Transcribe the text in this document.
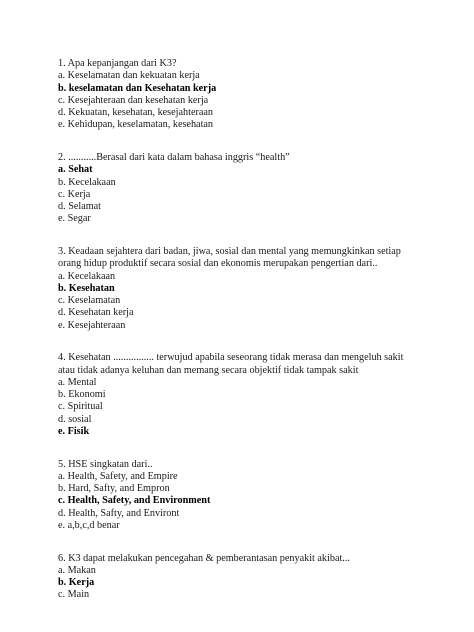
1. Apa kepanjangan dari K3?

a. Keselamatan dan kekuatan kerja

b. keselamatan dan Kesehatan kerja

c. Kesejahteraan dan kesehatan kerja

d. Kekuatan, kesehatan, kesejahteraan

e. Kehidupan, keselamatan, kesehatan

2. ...........Berasal dari kata dalam bahasa inggris “health”

a. Sehat

b. Kecelakaan

c. Kerja

d. Selamat

e. Segar

3. Keadaan sejahtera dari badan, jiwa, sosial dan mental yang memungkinkan setiap orang hidup produktif secara sosial dan ekonomis merupakan pengertian dari..

a. Kecelakaan

b. Kesehatan

c. Keselamatan

d. Kesehatan kerja

e. Kesejahteraan

4. Kesehatan ................ terwujud apabila seseorang tidak merasa dan mengeluh sakit atau tidak adanya keluhan dan memang secara objektif tidak tampak sakit

a. Mental

b. Ekonomi

c. Spiritual

d. sosial

e. Fisik

5. HSE singkatan dari..

a. Health, Safety, and Empire

b. Hard, Safty, and Empron

c. Health, Safety, and Environment

d. Health, Safty, and Environt

e. a,b,c,d benar

6. K3 dapat melakukan pencegahan & pemberantasan penyakit akibat...

a. Makan

b. Kerja

c. Main
